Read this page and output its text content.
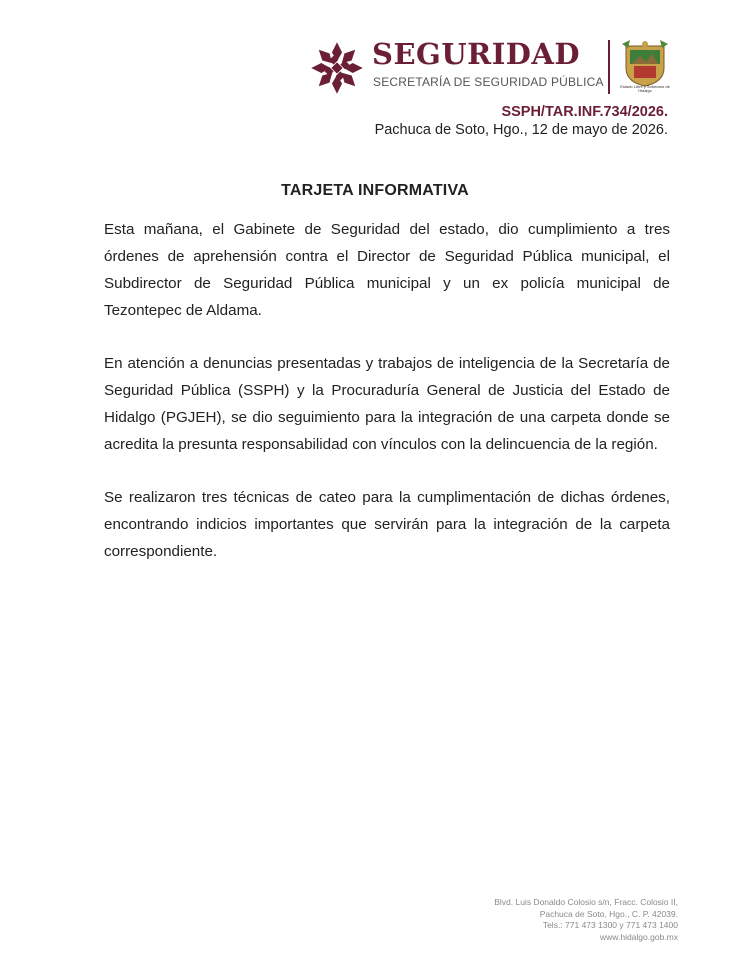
SEGURIDAD
SECRETARÍA DE SEGURIDAD PÚBLICA	Estado Libre y Soberano de Hidalgo
SSPH/TAR.INF.734/2026.
Pachuca de Soto, Hgo., 12 de mayo de 2026.
TARJETA INFORMATIVA

Esta mañana, el Gabinete de Seguridad del estado, dio cumplimiento a tres órdenes de aprehensión contra el Director de Seguridad Pública municipal, el Subdirector de Seguridad Pública municipal y un ex policía municipal de Tezontepec de Aldama.

En atención a denuncias presentadas y trabajos de inteligencia de la Secretaría de Seguridad Pública (SSPH) y la Procuraduría General de Justicia del Estado de Hidalgo (PGJEH), se dio seguimiento para la integración de una carpeta donde se acredita la presunta responsabilidad con vínculos con la delincuencia de la región.

Se realizaron tres técnicas de cateo para la cumplimentación de dichas órdenes, encontrando indicios importantes que servirán para la integración de la carpeta correspondiente.

Blvd. Luis Donaldo Colosio s/n, Fracc. Colosio II,
Pachuca de Soto, Hgo., C. P. 42039.
Tels.: 771 473 1300 y 771 473 1400
www.hidalgo.gob.mx
